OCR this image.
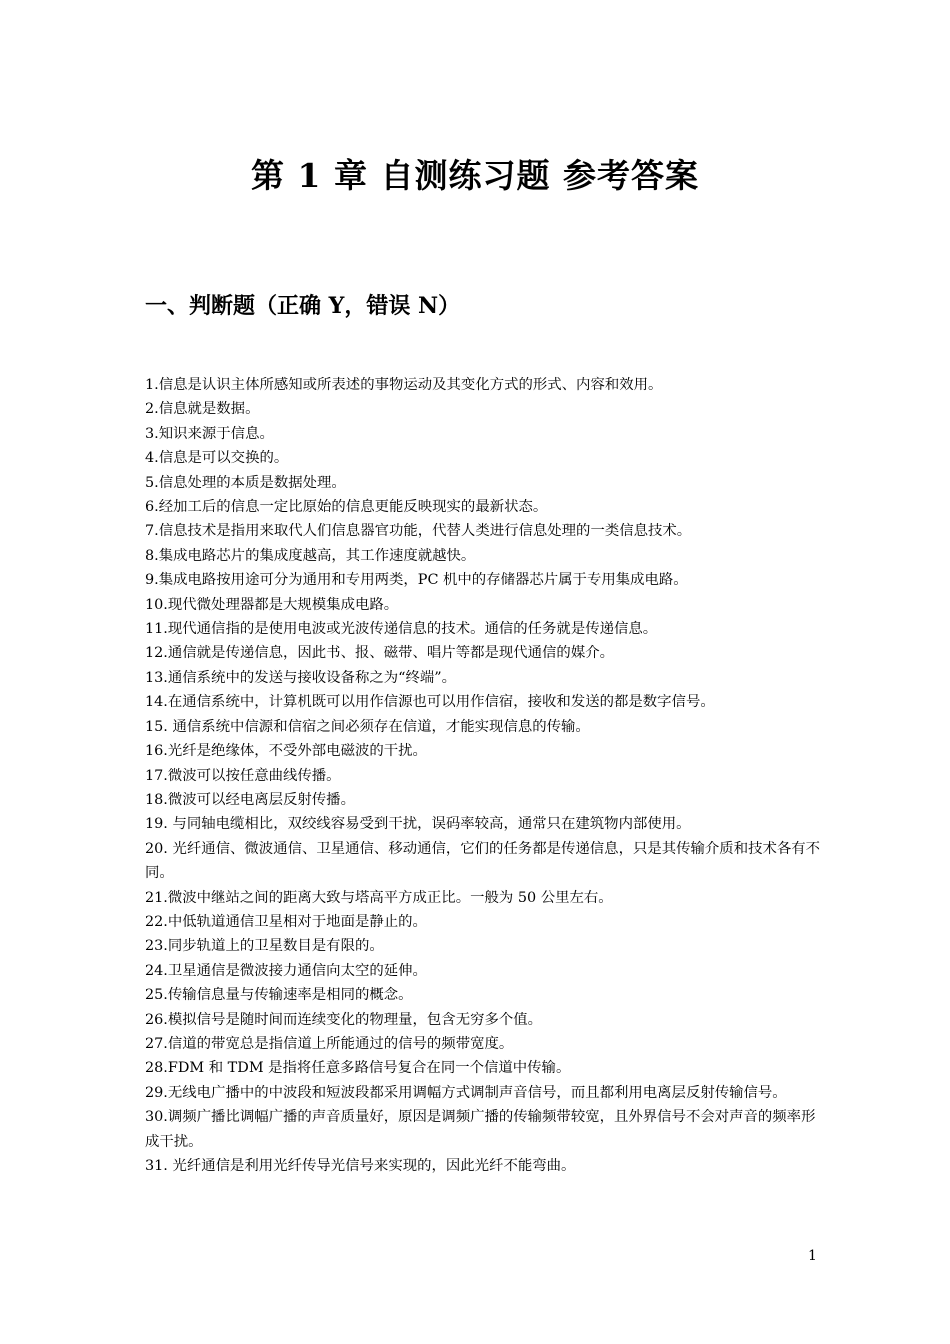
第 1 章 自测练习题 参考答案
一、判断题（正确 Y，错误 N）
1.信息是认识主体所感知或所表述的事物运动及其变化方式的形式、内容和效用。
2.信息就是数据。
3.知识来源于信息。
4.信息是可以交换的。
5.信息处理的本质是数据处理。
6.经加工后的信息一定比原始的信息更能反映现实的最新状态。
7.信息技术是指用来取代人们信息器官功能，代替人类进行信息处理的一类信息技术。
8.集成电路芯片的集成度越高，其工作速度就越快。
9.集成电路按用途可分为通用和专用两类，PC 机中的存储器芯片属于专用集成电路。
10.现代微处理器都是大规模集成电路。
11.现代通信指的是使用电波或光波传递信息的技术。通信的任务就是传递信息。
12.通信就是传递信息，因此书、报、磁带、唱片等都是现代通信的媒介。
13.通信系统中的发送与接收设备称之为“终端”。
14.在通信系统中，计算机既可以用作信源也可以用作信宿，接收和发送的都是数字信号。
15. 通信系统中信源和信宿之间必须存在信道，才能实现信息的传输。
16.光纤是绝缘体，不受外部电磁波的干扰。
17.微波可以按任意曲线传播。
18.微波可以经电离层反射传播。
19. 与同轴电缆相比，双绞线容易受到干扰，误码率较高，通常只在建筑物内部使用。
20. 光纤通信、微波通信、卫星通信、移动通信，它们的任务都是传递信息，只是其传输介质和技术各有不同。
21.微波中继站之间的距离大致与塔高平方成正比。一般为 50 公里左右。
22.中低轨道通信卫星相对于地面是静止的。
23.同步轨道上的卫星数目是有限的。
24.卫星通信是微波接力通信向太空的延伸。
25.传输信息量与传输速率是相同的概念。
26.模拟信号是随时间而连续变化的物理量，包含无穷多个值。
27.信道的带宽总是指信道上所能通过的信号的频带宽度。
28.FDM 和 TDM 是指将任意多路信号复合在同一个信道中传输。
29.无线电广播中的中波段和短波段都采用调幅方式调制声音信号，而且都利用电离层反射传输信号。
30.调频广播比调幅广播的声音质量好，原因是调频广播的传输频带较宽，且外界信号不会对声音的频率形成干扰。
31. 光纤通信是利用光纤传导光信号来实现的，因此光纤不能弯曲。
1
